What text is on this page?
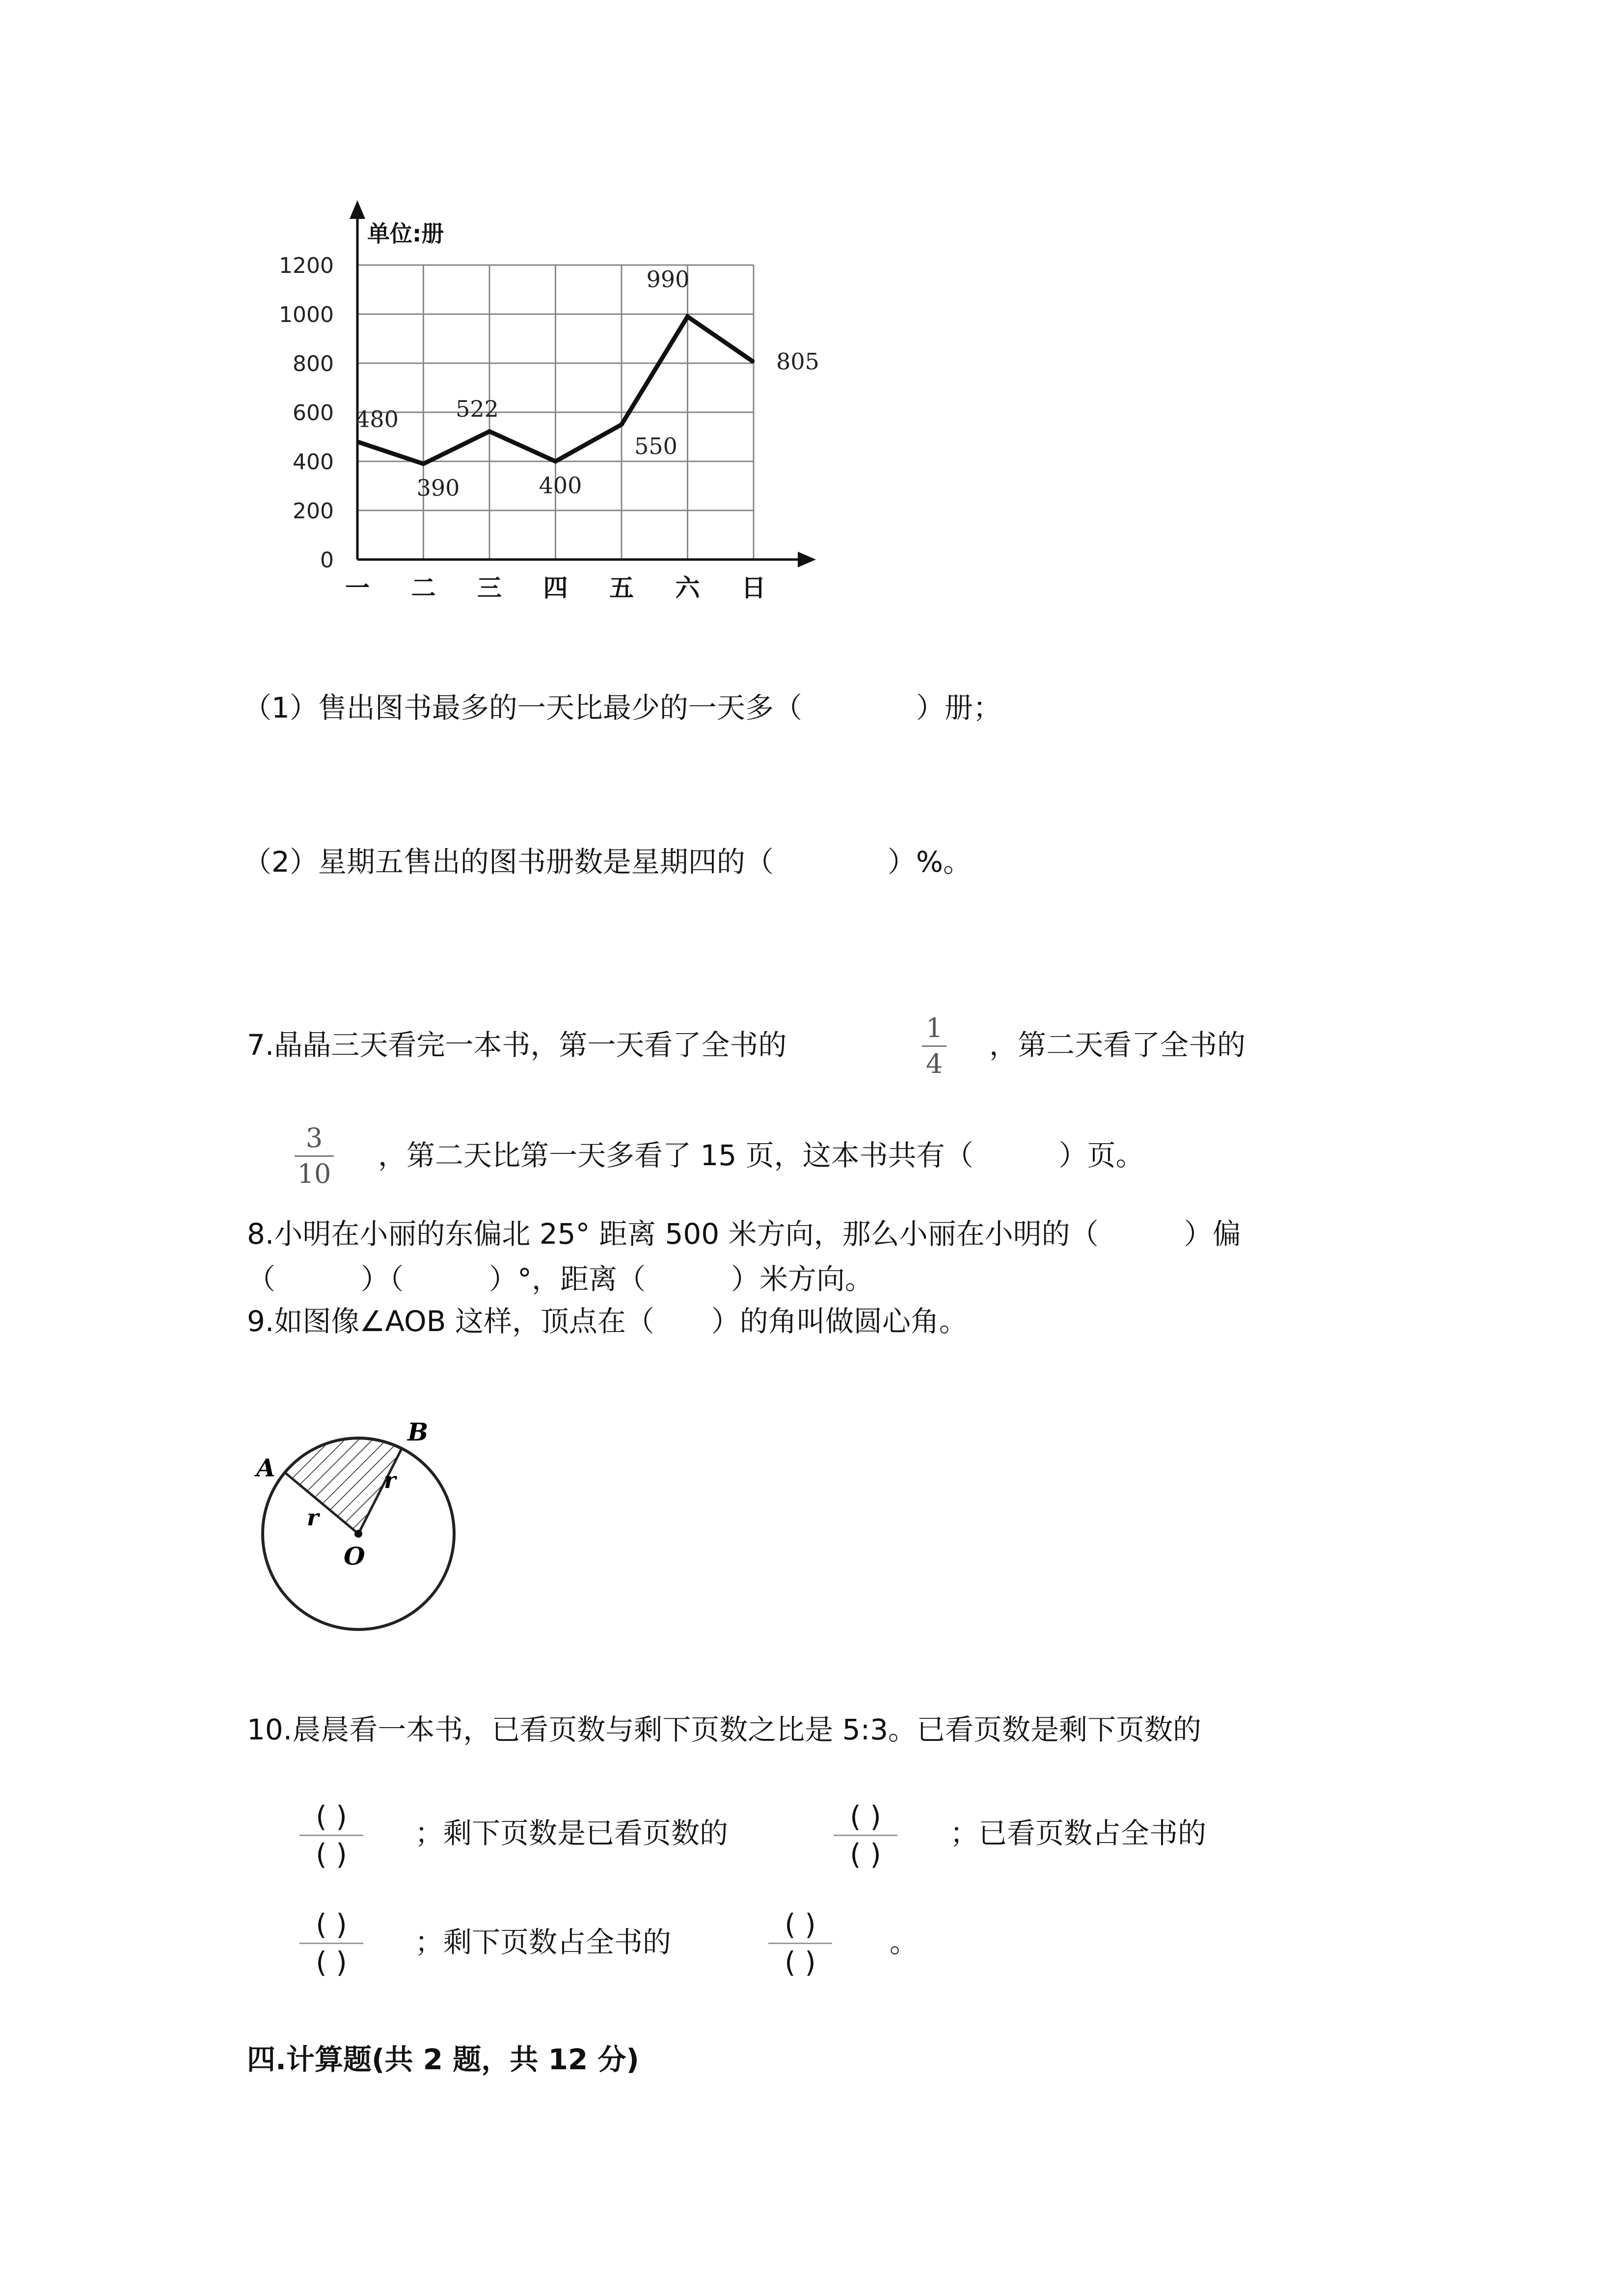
0
200
400
600
800
1000
1200
一 二 三 四 五 六 日
480
390
522
400
550
990
805
单位:册
（1）售出图书最多的一天比最少的一天多（　　　　）册；
（2）星期五售出的图书册数是星期四的（　　　　）%。
7.晶晶三天看完一本书，第一天看了全书的
1
4
，第二天看了全书的
3
10
，第二天比第一天多看了 15 页，这本书共有（　　　）页。
8.小明在小丽的东偏北 25° 距离 500 米方向，那么小丽在小明的（　　　）偏
（　　　）（　　　）°，距离（　　　）米方向。
9.如图像∠AOB 这样，顶点在（　　）的角叫做圆心角。
A
B
O
r
r
10.晨晨看一本书，已看页数与剩下页数之比是 5:3。已看页数是剩下页数的
( )
( )
；剩下页数是已看页数的	( )
( )
；已看页数占全书的
( )
( )
；剩下页数占全书的
( )
( )
。
四.计算题(共 2 题，共 12 分)
